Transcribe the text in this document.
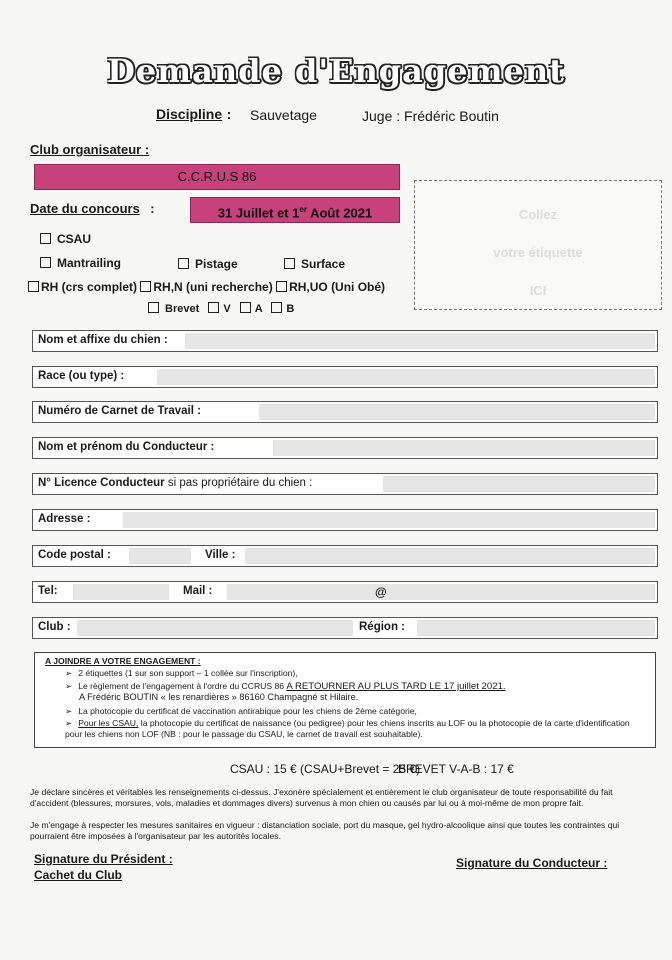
Demande d'Engagement
Discipline : Sauvetage	Juge : Frédéric Boutin
Club organisateur :
C.C.R.U.S 86
Date du concours :	31 Juillet et 1er Août 2021	Collez
votre étiquette
ICI
CSAU
Mantrailing	Pistage	Surface
RH (crs complet) RH,N (uni recherche) RH,UO (Uni Obé)
Brevet V A B
Nom et affixe du chien :
Race (ou type) :
Numéro de Carnet de Travail :
Nom et prénom du Conducteur :
N° Licence Conducteur si pas propriétaire du chien :
Adresse :
Code postal :	Ville :
Tel:	Mail :	@
Club :	Région :
A JOINDRE A VOTRE ENGAGEMENT :
➢ 2 étiquettes (1 sur son support – 1 collée sur l'inscription),
➢ Le règlement de l'engagement à l'ordre du CCRUS 86 A RETOURNER AU PLUS TARD LE 17 juillet 2021.
A Frédéric BOUTIN « les renardières » 86160 Champagné st Hilaire.
➢ La photocopie du certificat de vaccination antirabique pour les chiens de 2ème catégorie,
➢ Pour les CSAU, la photocopie du certificat de naissance (ou pedigree) pour les chiens inscrits au LOF ou la photocopie de la carte d'identification pour les chiens non LOF (NB : pour le passage du CSAU, le carnet de travail est souhaitable).
CSAU : 15 € (CSAU+Brevet = 25 €)
BREVET V-A-B : 17 €
Je déclare sincères et véritables les renseignements ci-dessus. J'exonère spécialement et entièrement le club organisateur de toute responsabilité du fait d'accident (blessures, morsures, vols, maladies et dommages divers) survenus à mon chien ou causés par lui ou à moi-même de mon propre fait.
Je m'engage à respecter les mesures sanitaires en vigueur : distanciation sociale, port du masque, gel hydro-alcoolique ainsi que toutes les contraintes qui pourraient être imposées à l'organisateur par les autorités locales.
Signature du Président :
Cachet du Club
Signature du Conducteur :
